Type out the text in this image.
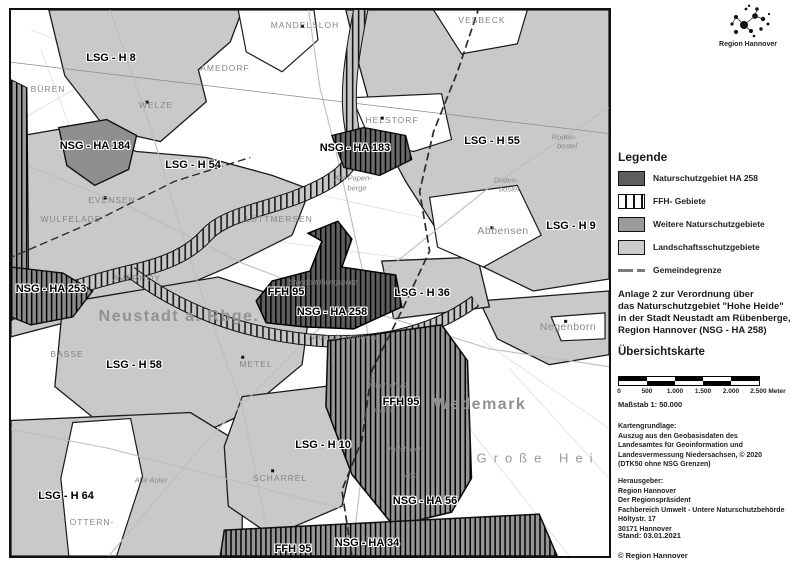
LSG - H 8
NSG - HA 184
LSG - H 54
NSG - HA 183
LSG - H 55
LSG - H 9
NSG - HA 253	FFH 95
NSG - HA 258
LSG - H 36
LSG - H 58
LSG - H 64
LSG - H 10
FFH 95
NSG - HA 56
NSG - HA 34
FFH 95
BÜREN
MANDELSLOH
AMEDORF
WELZE
VESBECK
HELSTORF
EVENSEN
WULFELADE	LÜTTMERSEN
AVERHOY
BASSE
METEL
SCHARREL
OTTERN-
Abbensen
Negenborn
Neustadt a. Rbge.
Wedemark
Große Hei
Standortübungsplatz
Neustadt-Lüttmersen
Naturschutz-
gebiet
Helstorfer
Moor
Am Papen-
berge
Alte Auter
Duden-
bostel
Roden-
bostel
Region Hannover
Legende
Naturschutzgebiet HA 258
FFH- Gebiete
Weitere Naturschutzgebiete
Landschaftsschutzgebiete
Gemeindegrenze
Anlage 2 zur Verordnung über
das Naturschutzgebiet "Hohe Heide"
in der Stadt Neustadt am Rübenberge,
Region Hannover (NSG - HA 258)
Übersichtskarte
0	500 1.000 1.500 2.000 2.500 Meter
Maßstab 1: 50.000
Kartengrundlage:
Auszug aus den Geobasisdaten des
Landesamtes für Geoinformation und
Landesvermessung Niedersachsen, © 2020
(DTK50 ohne NSG Grenzen)
Herausgeber:
Region Hannover
Der Regionspräsident
Fachbereich Umwelt - Untere Naturschutzbehörde
Höltystr. 17
30171 Hannover
Stand: 03.01.2021
© Region Hannover
